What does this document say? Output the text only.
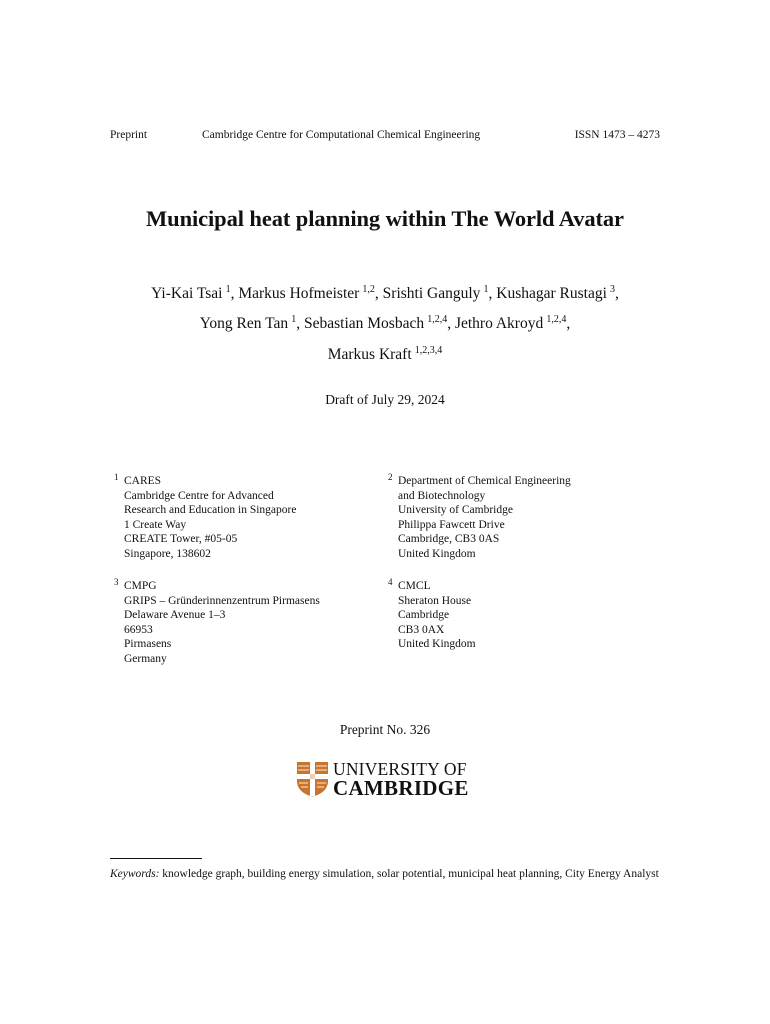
Preprint	Cambridge Centre for Computational Chemical Engineering	ISSN 1473 – 4273
Municipal heat planning within The World Avatar
Yi-Kai Tsai  $^1$, Markus Hofmeister  $^{1,2}$, Srishti Ganguly  $^1$, Kushagar Rustagi  $^3$,
Yong Ren Tan  $^1$, Sebastian Mosbach  $^{1,2,4}$, Jethro Akroyd  $^{1,2,4}$,
Markus Kraft  $^{1,2,3,4}$
Draft of July 29, 2024
1 CARES
Cambridge Centre for Advanced
Research and Education in Singapore
1 Create Way
CREATE Tower, #05-05
Singapore, 138602
2 Department of Chemical Engineering
and Biotechnology
University of Cambridge
Philippa Fawcett Drive
Cambridge, CB3 0AS
United Kingdom
3 CMPG
GRIPS – Gründerinnenzentrum Pirmasens
Delaware Avenue 1–3
66953
Pirmasens
Germany
4 CMCL
Sheraton House
Cambridge
CB3 0AX
United Kingdom
Preprint No. 326
UNIVERSITY OF
CAMBRIDGE
Keywords: knowledge graph, building energy simulation, solar potential, municipal heat planning, City Energy Analyst
